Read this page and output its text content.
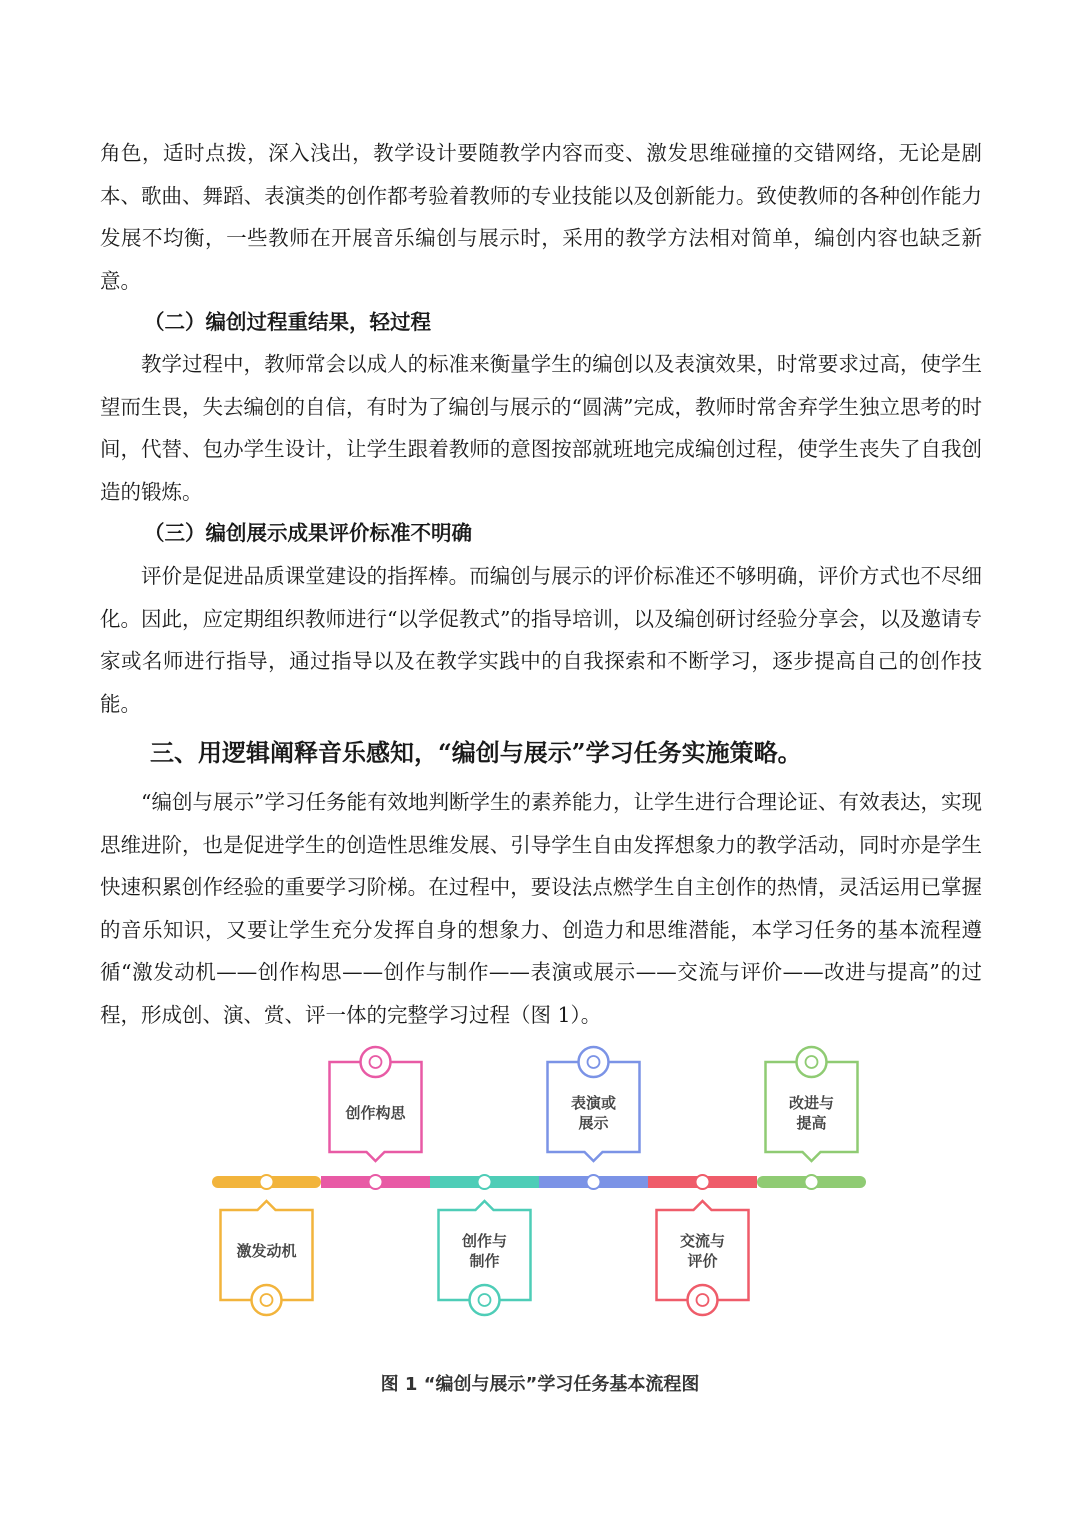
角色，适时点拨，深入浅出，教学设计要随教学内容而变、激发思维碰撞的交错网络，无论是剧本、歌曲、舞蹈、表演类的创作都考验着教师的专业技能以及创新能力。致使教师的各种创作能力发展不均衡，一些教师在开展音乐编创与展示时，采用的教学方法相对简单，编创内容也缺乏新意。

（二）编创过程重结果，轻过程

教学过程中，教师常会以成人的标准来衡量学生的编创以及表演效果，时常要求过高，使学生望而生畏，失去编创的自信，有时为了编创与展示的“圆满”完成，教师时常舍弃学生独立思考的时间，代替、包办学生设计，让学生跟着教师的意图按部就班地完成编创过程，使学生丧失了自我创造的锻炼。

（三）编创展示成果评价标准不明确

评价是促进品质课堂建设的指挥棒。而编创与展示的评价标准还不够明确，评价方式也不尽细化。因此，应定期组织教师进行“以学促教式”的指导培训，以及编创研讨经验分享会，以及邀请专家或名师进行指导，通过指导以及在教学实践中的自我探索和不断学习，逐步提高自己的创作技能。

三、用逻辑阐释音乐感知，“编创与展示”学习任务实施策略。

“编创与展示”学习任务能有效地判断学生的素养能力，让学生进行合理论证、有效表达，实现思维进阶，也是促进学生的创造性思维发展、引导学生自由发挥想象力的教学活动，同时亦是学生快速积累创作经验的重要学习阶梯。在过程中，要设法点燃学生自主创作的热情，灵活运用已掌握的音乐知识，又要让学生充分发挥自身的想象力、创造力和思维潜能，本学习任务的基本流程遵循“激发动机——创作构思——创作与制作——表演或展示——交流与评价——改进与提高”的过程，形成创、演、赏、评一体的完整学习过程（图 1）。

激发动机
创作构思
创作与
制作
表演或
展示
交流与
评价
改进与
提高
图 1 “编创与展示”学习任务基本流程图
